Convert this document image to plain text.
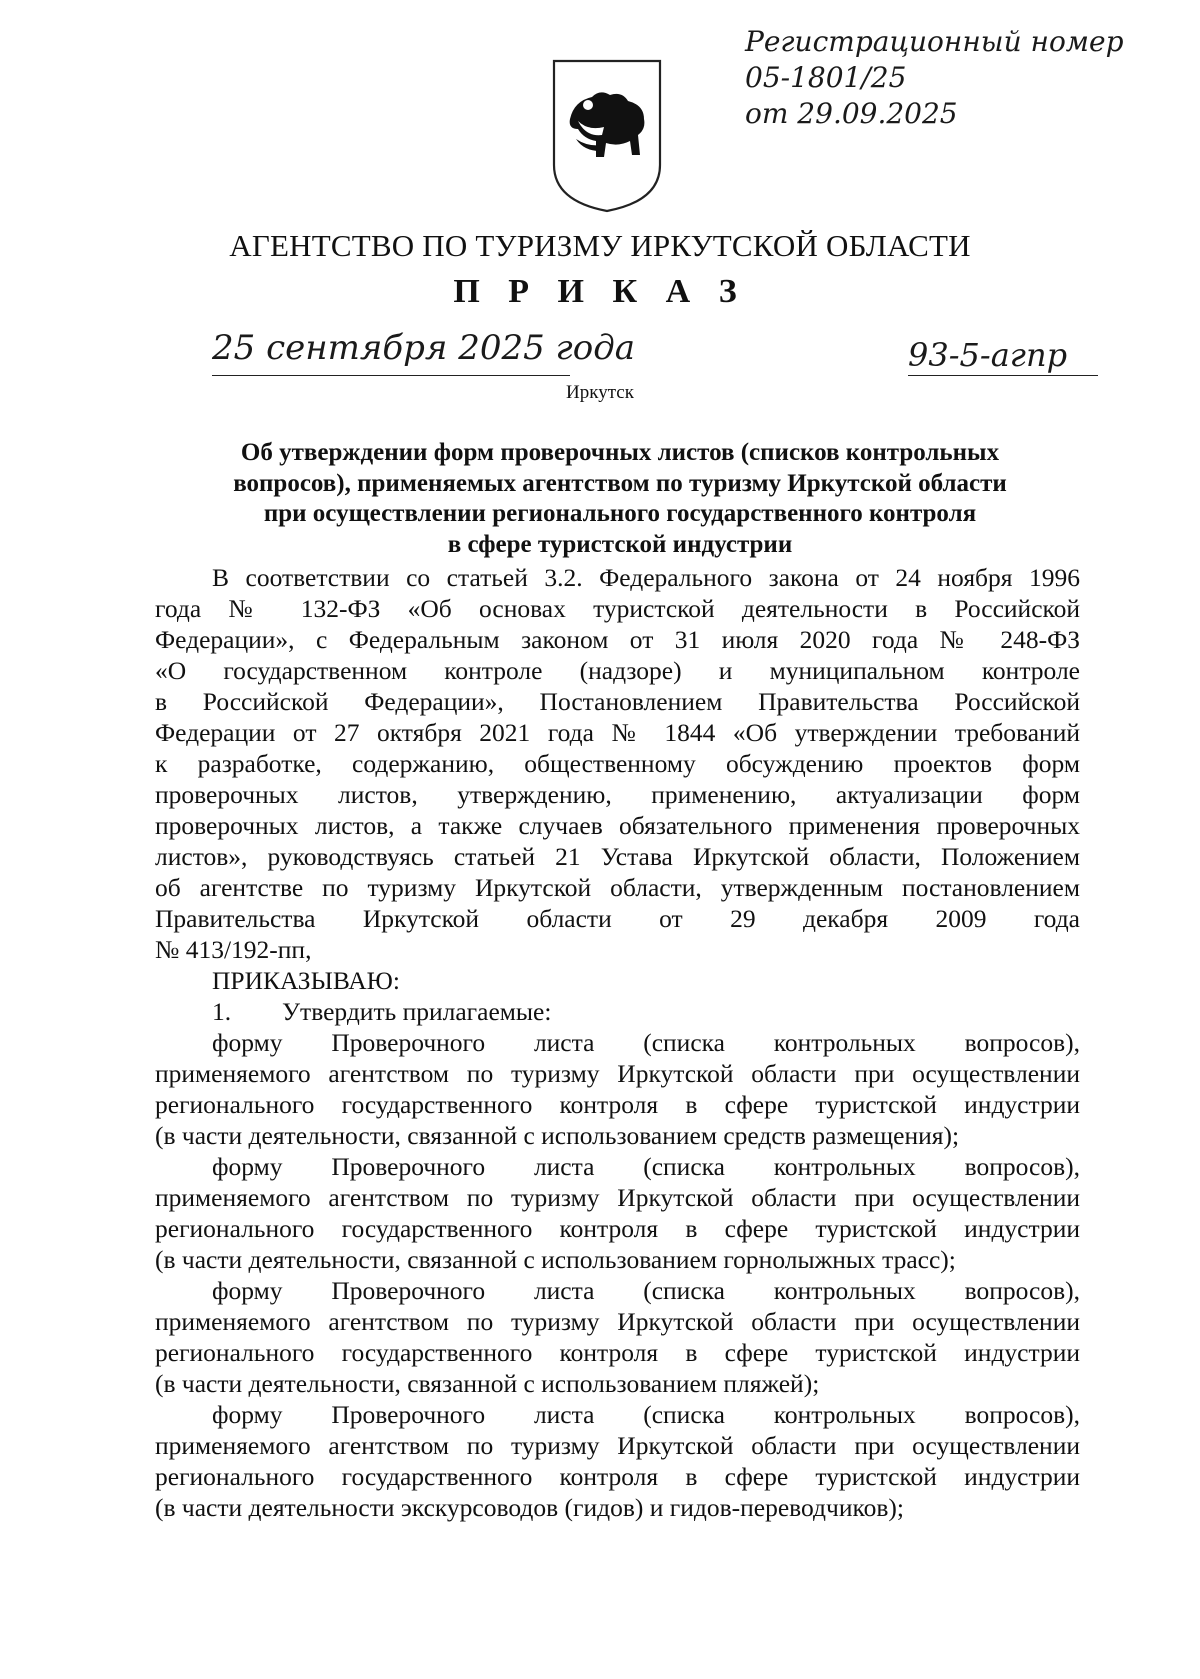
Регистрационный номер
05-1801/25
от 29.09.2025
АГЕНТСТВО ПО ТУРИЗМУ ИРКУТСКОЙ ОБЛАСТИ
П Р И К А З
25 сентября 2025 года	93-5-агпр
Иркутск
Об утверждении форм проверочных листов (списков контрольных
вопросов), применяемых агентством по туризму Иркутской области
при осуществлении регионального государственного контроля
в сфере туристской индустрии
В соответствии со статьей 3.2. Федерального закона от 24 ноября 1996
года № 132-ФЗ «Об основах туристской деятельности в Российской
Федерации», с Федеральным законом от 31 июля 2020 года № 248-ФЗ
«О государственном контроле (надзоре) и муниципальном контроле
в Российской Федерации», Постановлением Правительства Российской
Федерации от 27 октября 2021 года № 1844 «Об утверждении требований
к разработке, содержанию, общественному обсуждению проектов форм
проверочных листов, утверждению, применению, актуализации форм
проверочных листов, а также случаев обязательного применения проверочных
листов», руководствуясь статьей 21 Устава Иркутской области, Положением
об агентстве по туризму Иркутской области, утвержденным постановлением
Правительства Иркутской области от 29 декабря 2009 года
№ 413/192-пп,
ПРИКАЗЫВАЮ:
1.	Утвердить прилагаемые:
форму Проверочного листа (списка контрольных вопросов),
применяемого агентством по туризму Иркутской области при осуществлении
регионального государственного контроля в сфере туристской индустрии
(в части деятельности, связанной с использованием средств размещения);
форму Проверочного листа (списка контрольных вопросов),
применяемого агентством по туризму Иркутской области при осуществлении
регионального государственного контроля в сфере туристской индустрии
(в части деятельности, связанной с использованием горнолыжных трасс);
форму Проверочного листа (списка контрольных вопросов),
применяемого агентством по туризму Иркутской области при осуществлении
регионального государственного контроля в сфере туристской индустрии
(в части деятельности, связанной с использованием пляжей);
форму Проверочного листа (списка контрольных вопросов),
применяемого агентством по туризму Иркутской области при осуществлении
регионального государственного контроля в сфере туристской индустрии
(в части деятельности экскурсоводов (гидов) и гидов-переводчиков);
